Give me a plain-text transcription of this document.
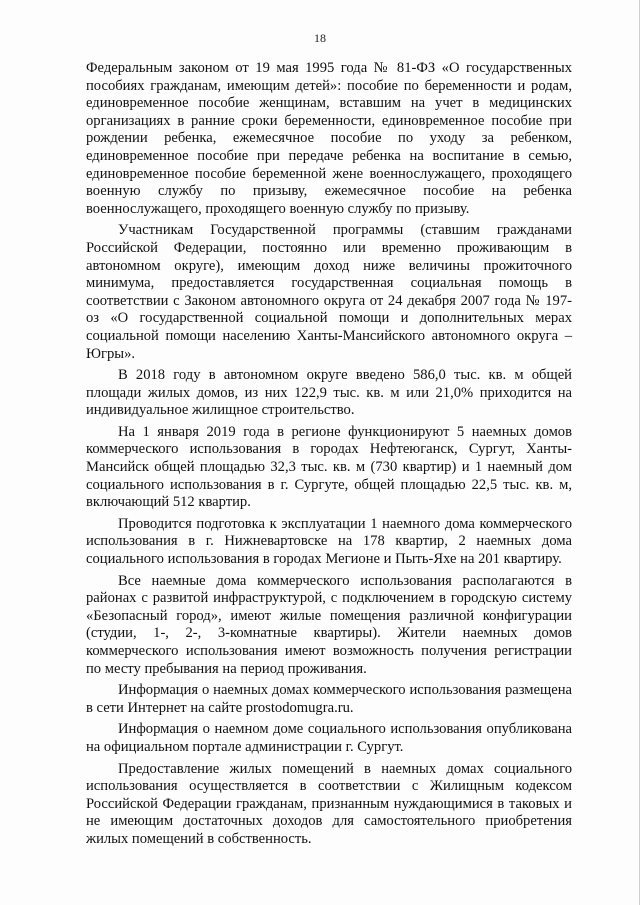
18

Федеральным законом от 19 мая 1995 года № 81-ФЗ «О государственных пособиях гражданам, имеющим детей»: пособие по беременности и родам, единовременное пособие женщинам, вставшим на учет в медицинских организациях в ранние сроки беременности, единовременное пособие при рождении ребенка, ежемесячное пособие по уходу за ребенком, единовременное пособие при передаче ребенка на воспитание в семью, единовременное пособие беременной жене военнослужащего, проходящего военную службу по призыву, ежемесячное пособие на ребенка военнослужащего, проходящего военную службу по призыву.

Участникам Государственной программы (ставшим гражданами Российской Федерации, постоянно или временно проживающим в автономном округе), имеющим доход ниже величины прожиточного минимума, предоставляется государственная социальная помощь в соответствии с Законом автономного округа от 24 декабря 2007 года № 197-оз «О государственной социальной помощи и дополнительных мерах социальной помощи населению Ханты-Мансийского автономного округа – Югры».

В 2018 году в автономном округе введено 586,0 тыс. кв. м общей площади жилых домов, из них 122,9 тыс. кв. м или 21,0% приходится на индивидуальное жилищное строительство.

На 1 января 2019 года в регионе функционируют 5 наемных домов коммерческого использования в городах Нефтеюганск, Сургут, Ханты-Мансийск общей площадью 32,3 тыс. кв. м (730 квартир) и 1 наемный дом социального использования в г. Сургуте, общей площадью 22,5 тыс. кв. м, включающий 512 квартир.

Проводится подготовка к эксплуатации 1 наемного дома коммерческого использования в г. Нижневартовске на 178 квартир, 2 наемных дома социального использования в городах Мегионе и Пыть-Яхе на 201 квартиру.

Все наемные дома коммерческого использования располагаются в районах с развитой инфраструктурой, с подключением в городскую систему «Безопасный город», имеют жилые помещения различной конфигурации (студии, 1-, 2-, 3-комнатные квартиры). Жители наемных домов коммерческого использования имеют возможность получения регистрации по месту пребывания на период проживания.

Информация о наемных домах коммерческого использования размещена в сети Интернет на сайте prostodomugra.ru.

Информация о наемном доме социального использования опубликована на официальном портале администрации г. Сургут.

Предоставление жилых помещений в наемных домах социального использования осуществляется в соответствии с Жилищным кодексом Российской Федерации гражданам, признанным нуждающимися в таковых и не имеющим достаточных доходов для самостоятельного приобретения жилых помещений в собственность.
